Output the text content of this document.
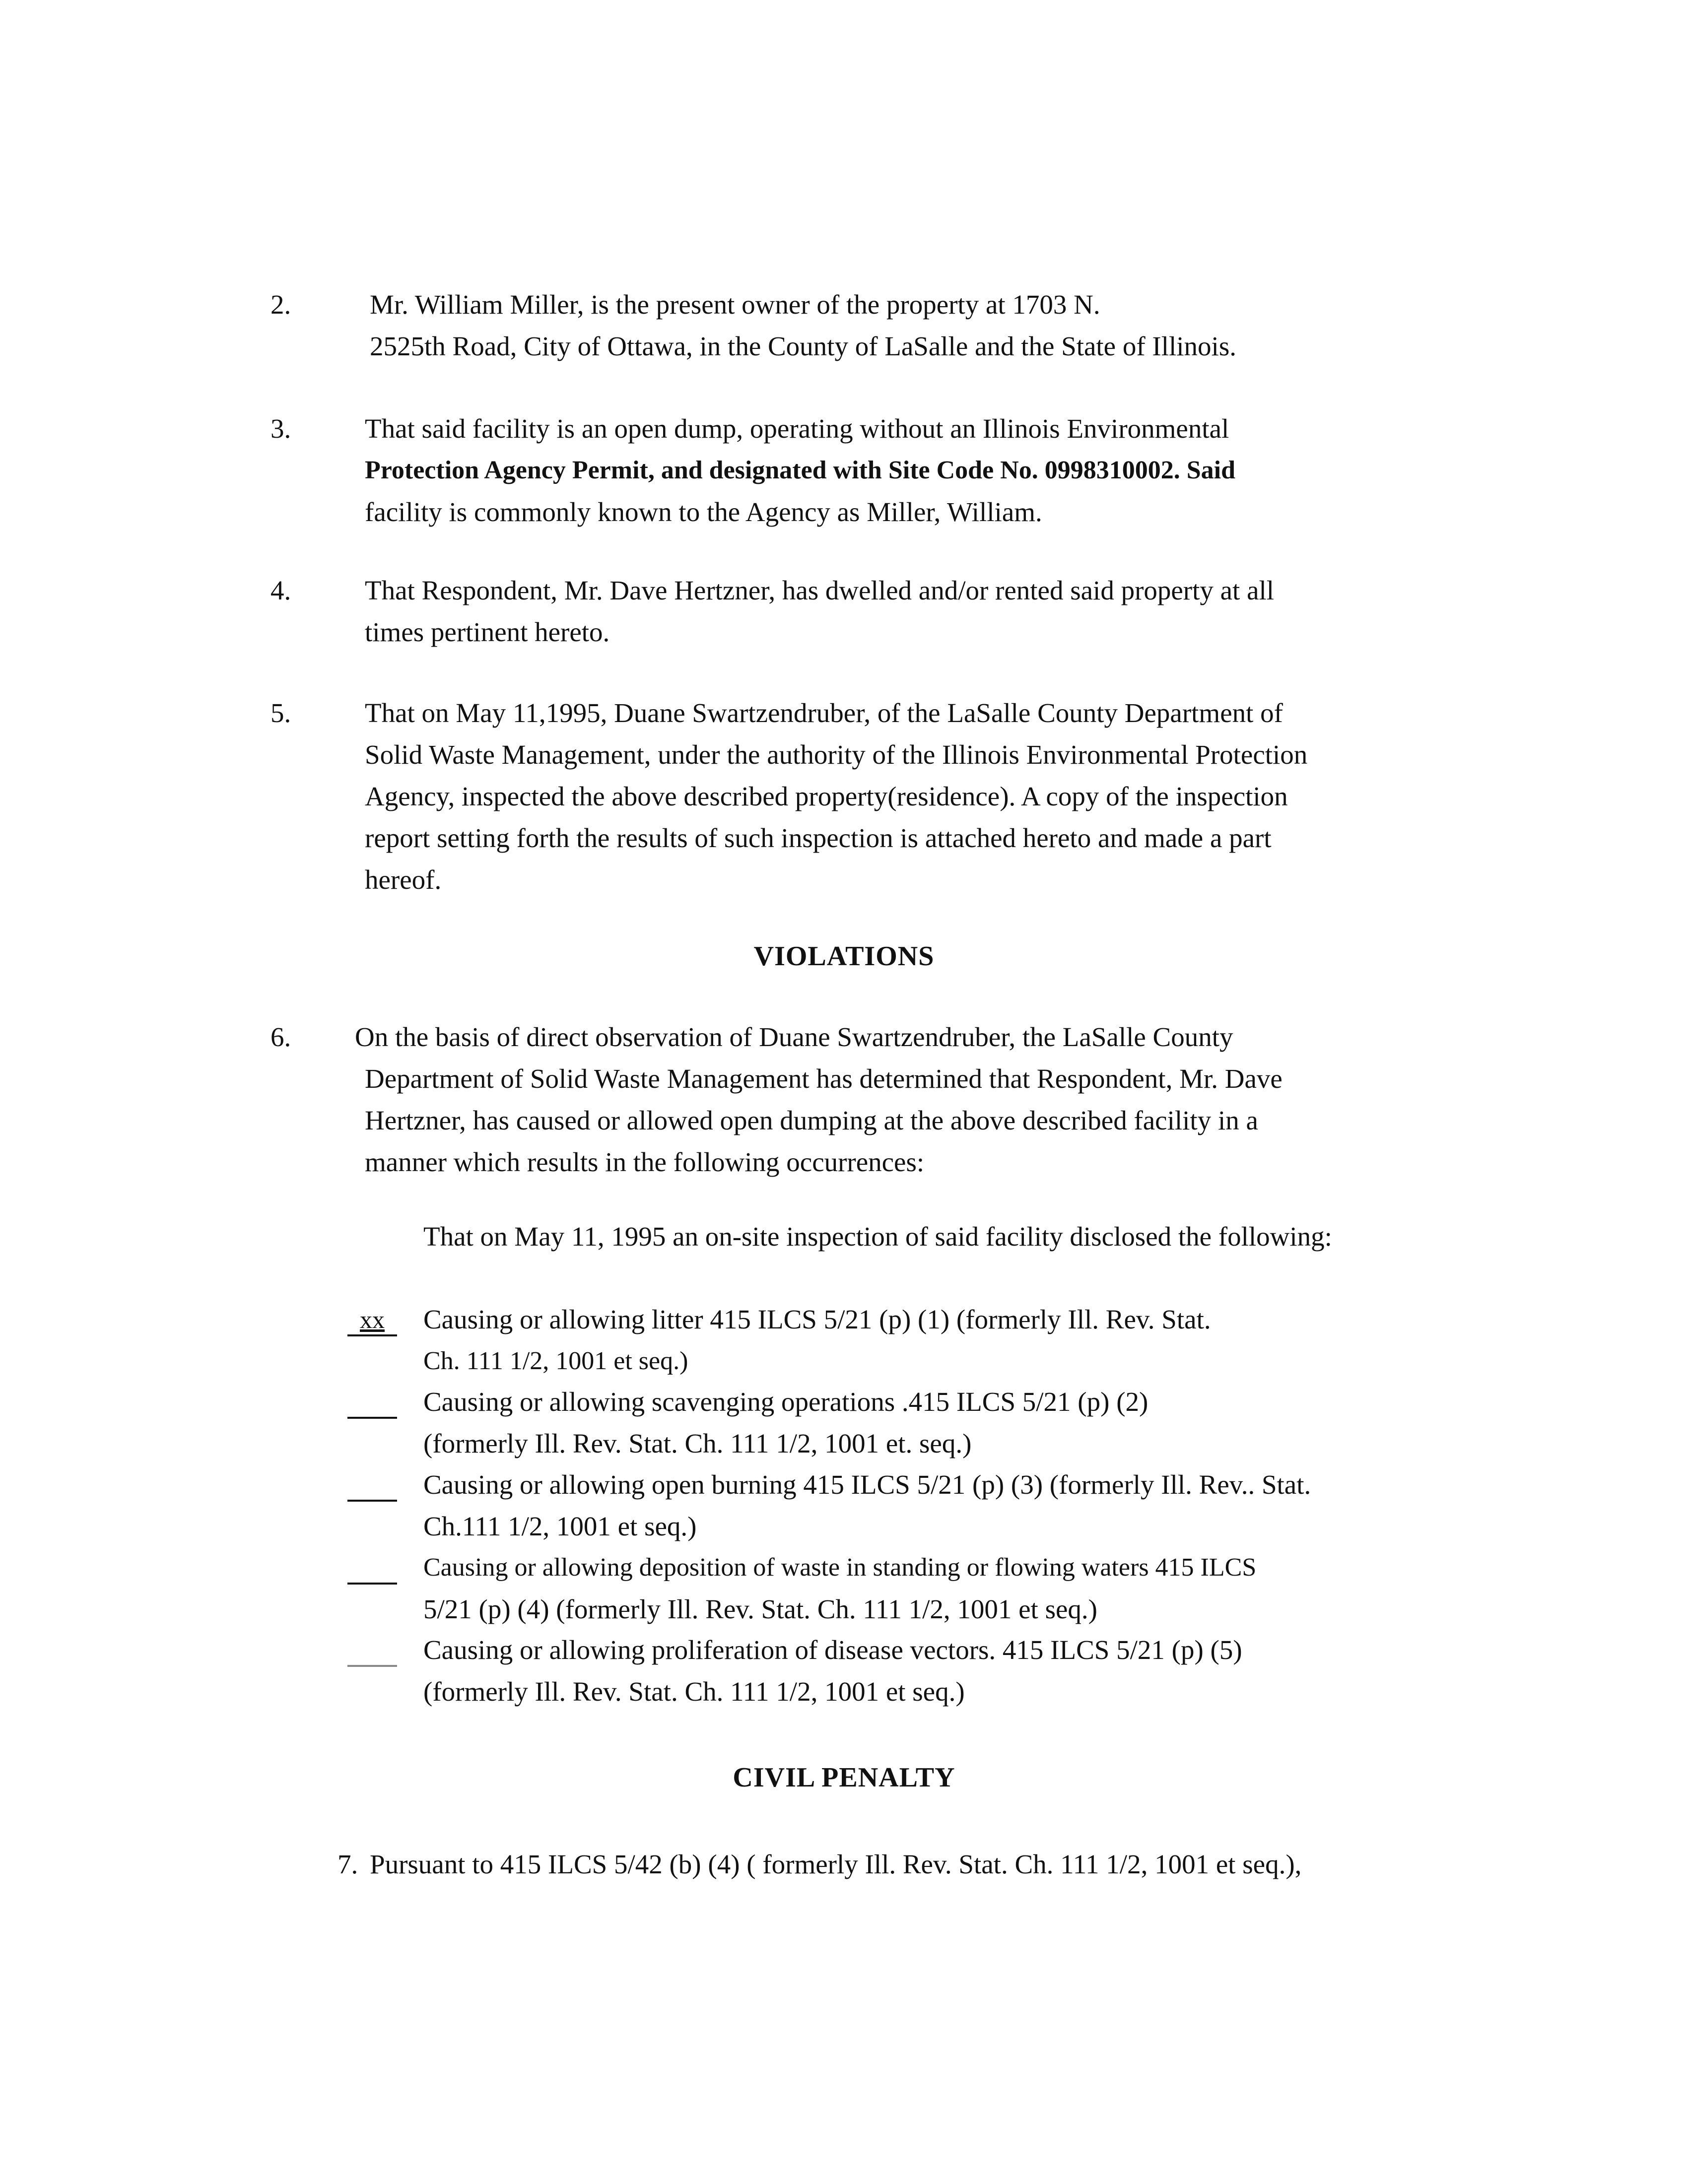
2.	Mr. William Miller, is the present owner of the property at 1703 N.
2525th Road, City of Ottawa, in the County of LaSalle and the State of Illinois.
3.	That said facility is an open dump, operating without an Illinois Environmental
Protection Agency Permit, and designated with Site Code No. 0998310002. Said
facility is commonly known to the Agency as Miller, William.
4.	That Respondent, Mr. Dave Hertzner, has dwelled and/or rented said property at all
times pertinent hereto.
5.	That on May 11,1995, Duane Swartzendruber, of the LaSalle County Department of
Solid Waste Management, under the authority of the Illinois Environmental Protection
Agency, inspected the above described property(residence). A copy of the inspection
report setting forth the results of such inspection is attached hereto and made a part
hereof.
VIOLATIONS
6. On the basis of direct observation of Duane Swartzendruber, the LaSalle County
Department of Solid Waste Management has determined that Respondent, Mr. Dave
Hertzner, has caused or allowed open dumping at the above described facility in a
manner which results in the following occurrences:
That on May 11, 1995 an on-site inspection of said facility disclosed the following:
xx	Causing or allowing litter 415 ILCS 5/21 (p) (1) (formerly Ill. Rev. Stat.
Ch. 111 1/2, 1001 et seq.)
Causing or allowing scavenging operations .415 ILCS 5/21 (p) (2)
(formerly Ill. Rev. Stat. Ch. 111 1/2, 1001 et. seq.)
Causing or allowing open burning 415 ILCS 5/21 (p) (3) (formerly Ill. Rev.. Stat.
Ch.111 1/2, 1001 et seq.)
Causing or allowing deposition of waste in standing or flowing waters 415 ILCS
5/21 (p) (4) (formerly Ill. Rev. Stat. Ch. 111 1/2, 1001 et seq.)
Causing or allowing proliferation of disease vectors. 415 ILCS 5/21 (p) (5)
(formerly Ill. Rev. Stat. Ch. 111 1/2, 1001 et seq.)
CIVIL PENALTY
7. Pursuant to 415 ILCS 5/42 (b) (4) ( formerly Ill. Rev. Stat. Ch. 111 1/2, 1001 et seq.),
